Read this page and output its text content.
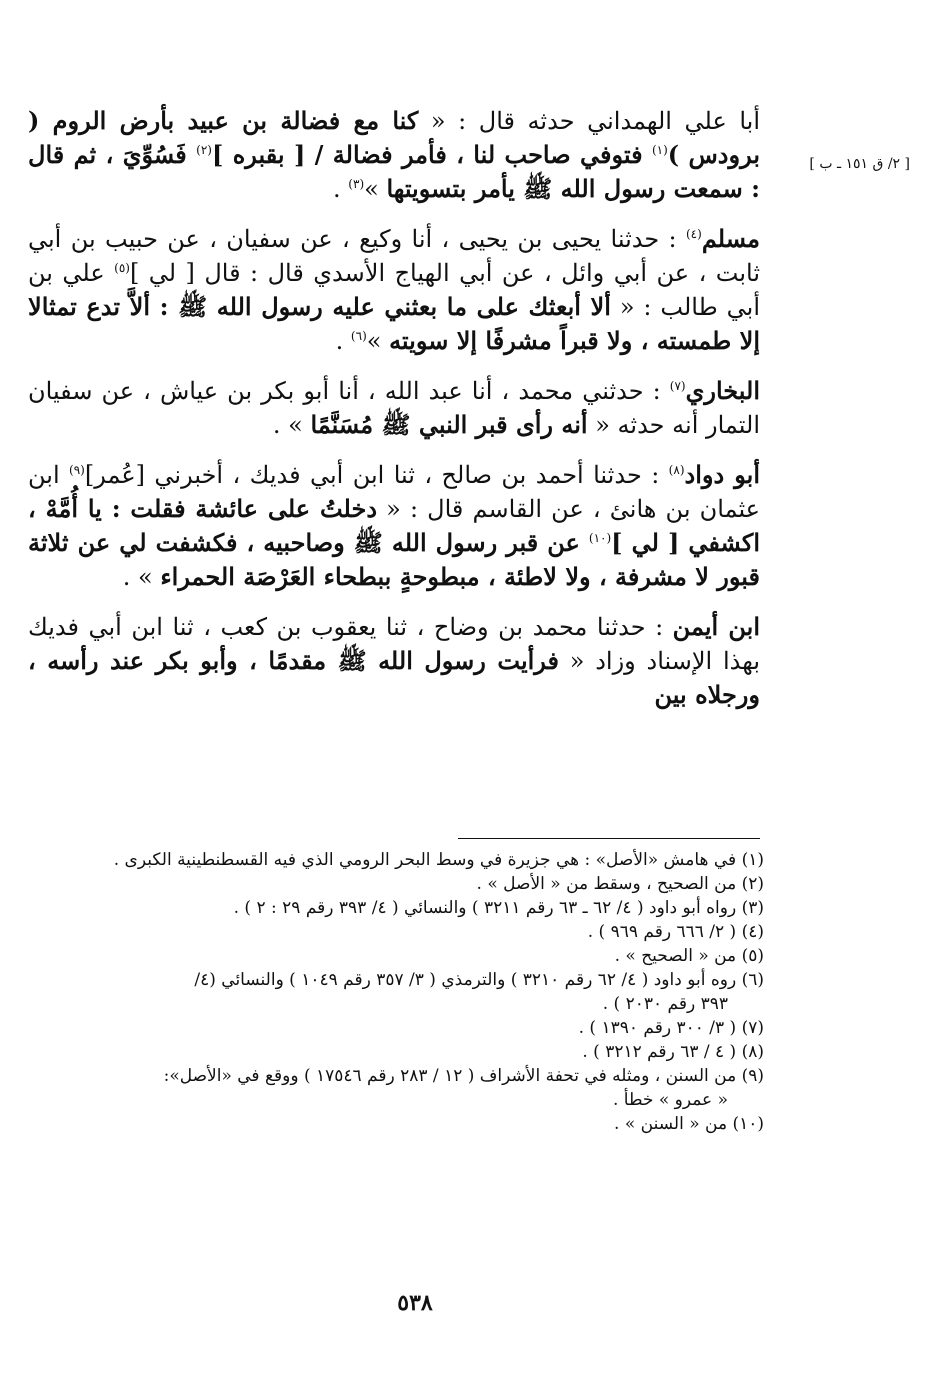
[ ٢/ ق ١٥١ ـ ب ]

أبا علي الهمداني حدثه قال : « كنا مع فضالة بن عبيد بأرض الروم ( برودس )$^{(١)}$ فتوفي صاحب لنا ، فأمر فضالة / [ بقبره ]$^{(٢)}$ فَسُوِّيَ ، ثم قال : سمعت رسول الله ﷺ يأمر بتسويتها »$^{(٣)}$ .

مسلم$^{(٤)}$ : حدثنا يحيى بن يحيى ، أنا وكيع ، عن سفيان ، عن حبيب بن أبي ثابت ، عن أبي وائل ، عن أبي الهياج الأسدي قال : قال [ لي ]$^{(٥)}$ علي بن أبي طالب : « ألا أبعثك على ما بعثني عليه رسول الله ﷺ : ألاَّ تدع تمثالا إلا طمسته ، ولا قبراً مشرفًا إلا سويته »$^{(٦)}$ .

البخاري$^{(٧)}$ : حدثني محمد ، أنا عبد الله ، أنا أبو بكر بن عياش ، عن سفيان التمار أنه حدثه « أنه رأى قبر النبي ﷺ مُسَنَّمًا » .

أبو دواد$^{(٨)}$ : حدثنا أحمد بن صالح ، ثنا ابن أبي فديك ، أخبرني [عُمر]$^{(٩)}$ ابن عثمان بن هانئ ، عن القاسم قال : « دخلتُ على عائشة فقلت : يا أُمَّهْ ، اكشفي [ لي ]$^{(١٠)}$ عن قبر رسول الله ﷺ وصاحبيه ، فكشفت لي عن ثلاثة قبور لا مشرفة ، ولا لاطئة ، مبطوحةٍ ببطحاء العَرْصَة الحمراء » .

ابن أيمن : حدثنا محمد بن وضاح ، ثنا يعقوب بن كعب ، ثنا ابن أبي فديك بهذا الإسناد وزاد « فرأيت رسول الله ﷺ مقدمًا ، وأبو بكر عند رأسه ، ورجلاه بين

(١) في هامش «الأصل» : هي جزيرة في وسط البحر الرومي الذي فيه القسطنطينية الكبرى .

(٢) من الصحيح ، وسقط من « الأصل » .

(٣) رواه أبو داود ( ٤/ ٦٢ ـ ٦٣ رقم ٣٢١١ ) والنسائي ( ٤/ ٣٩٣ رقم ٢٩ : ٢ ) .

(٤) ( ٢/ ٦٦٦ رقم ٩٦٩ ) .

(٥) من « الصحيح » .

(٦) روه أبو داود ( ٤/ ٦٢ رقم ٣٢١٠ ) والترمذي ( ٣/ ٣٥٧ رقم ١٠٤٩ ) والنسائي (٤/
٣٩٣ رقم ٢٠٣٠ ) .

(٧) ( ٣/ ٣٠٠ رقم ١٣٩٠ ) .

(٨) ( ٤ / ٦٣ رقم ٣٢١٢ ) .

(٩) من السنن ، ومثله في تحفة الأشراف ( ١٢ / ٢٨٣ رقم ١٧٥٤٦ ) ووقع في «الأصل»:
« عمرو » خطأ .

(١٠) من « السنن » .

٥٣٨
